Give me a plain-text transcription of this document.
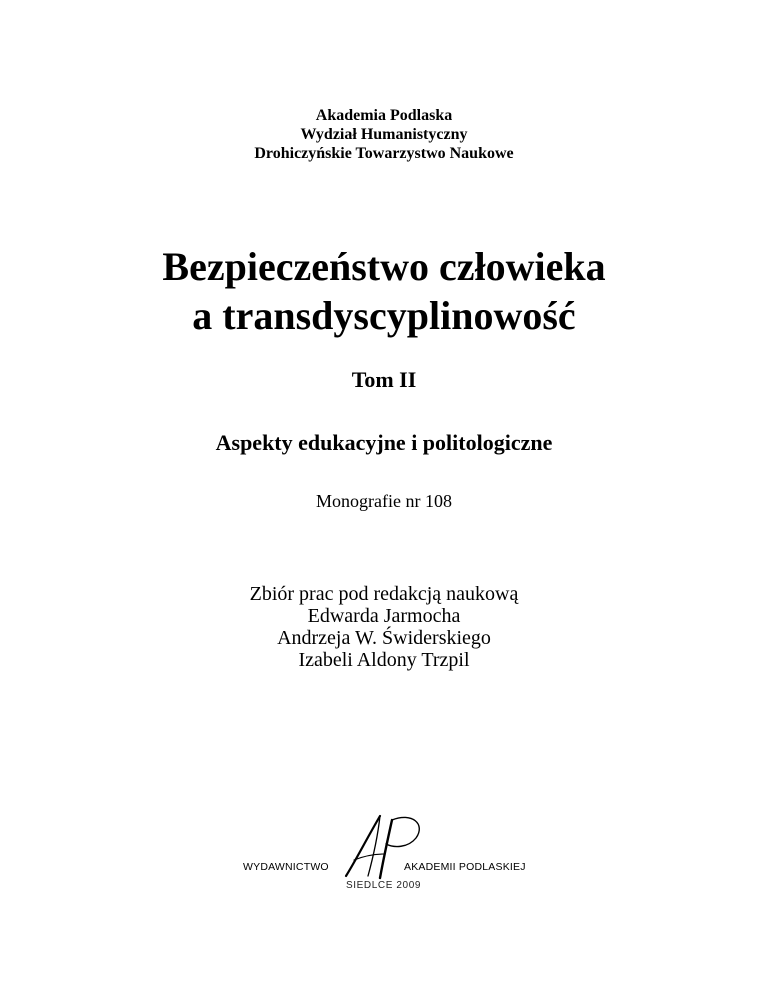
Akademia Podlaska
Wydział Humanistyczny
Drohiczyńskie Towarzystwo Naukowe
Bezpieczeństwo człowieka
a transdyscyplinowość
Tom II
Aspekty edukacyjne i politologiczne
Monografie nr 108
Zbiór prac pod redakcją naukową
Edwarda Jarmocha
Andrzeja W. Świderskiego
Izabeli Aldony Trzpil
WYDAWNICTWO	AKADEMII PODLASKIEJ
SIEDLCE 2009
